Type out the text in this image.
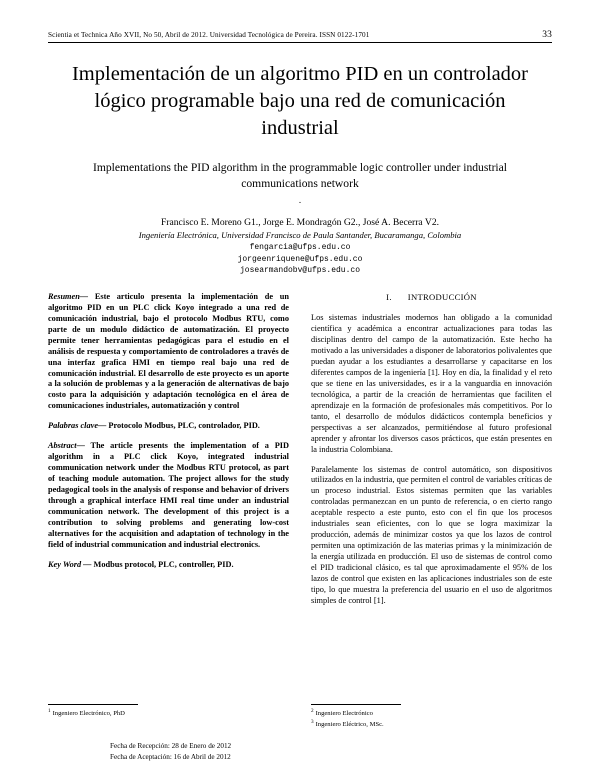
Scientia et Technica Año XVII, No 50, Abril de 2012. Universidad Tecnológica de Pereira. ISSN 0122-1701	33
Implementación de un algoritmo PID en un controlador lógico programable bajo una red de comunicación industrial
Implementations the PID algorithm in the programmable logic controller under industrial communications network
.
Francisco E. Moreno G1., Jorge E. Mondragón G2., José A. Becerra V2.
Ingeniería Electrónica, Universidad Francisco de Paula Santander, Bucaramanga, Colombia
fengarcia@ufps.edu.co
jorgeenriquene@ufps.edu.co
josearmandobv@ufps.edu.co

Resumen— Este articulo presenta la implementación de un algoritmo PID en un PLC click Koyo integrado a una red de comunicación industrial, bajo el protocolo Modbus RTU, como parte de un modulo didáctico de automatización. El proyecto permite tener herramientas pedagógicas para el estudio en el análisis de respuesta y comportamiento de controladores a través de una interfaz grafica HMI en tiempo real bajo una red de comunicación industrial. El desarrollo de este proyecto es un aporte a la solución de problemas y a la generación de alternativas de bajo costo para la adquisición y adaptación tecnológica en el área de comunicaciones industriales, automatización y control

Palabras clave— Protocolo Modbus, PLC, controlador, PID.

Abstract— The article presents the implementation of a PID algorithm in a PLC click Koyo, integrated industrial communication network under the Modbus RTU protocol, as part of teaching module automation. The project allows for the study pedagogical tools in the analysis of response and behavior of drivers through a graphical interface HMI real time under an industrial communication network. The development of this project is a contribution to solving problems and generating low-cost alternatives for the acquisition and adaptation of technology in the field of industrial communication and industrial electronics.

Key Word — Modbus protocol, PLC, controller, PID.

I. INTRODUCCIÓN

Los sistemas industriales modernos han obligado a la comunidad científica y académica a encontrar actualizaciones para todas las disciplinas dentro del campo de la automatización. Este hecho ha motivado a las universidades a disponer de laboratorios polivalentes que puedan ayudar a los estudiantes a desarrollarse y capacitarse en los diferentes campos de la ingeniería [1]. Hoy en día, la finalidad y el reto que se tiene en las universidades, es ir a la vanguardia en innovación tecnológica, a partir de la creación de herramientas que faciliten el aprendizaje en la formación de profesionales más competitivos. Por lo tanto, el desarrollo de módulos didácticos contempla beneficios y perspectivas a ser alcanzados, permitiéndose al futuro profesional aprender y afrontar los diversos casos prácticos, que están presentes en la industria Colombiana.

Paralelamente los sistemas de control automático, son dispositivos utilizados en la industria, que permiten el control de variables críticas de un proceso industrial. Estos sistemas permiten que las variables controladas permanezcan en un punto de referencia, o en cierto rango aceptable respecto a este punto, esto con el fin que los procesos industriales sean eficientes, con lo que se logra maximizar la producción, además de minimizar costos ya que los lazos de control permiten una optimización de las materias primas y la minimización de la energía utilizada en producción. El uso de sistemas de control como el PID tradicional clásico, es tal que aproximadamente el 95% de los lazos de control que existen en las aplicaciones industriales son de este tipo, lo que muestra la preferencia del usuario en el uso de algoritmos simples de control [1].

$^1$ Ingeniero Electrónico, PhD	$^2$ Ingeniero Electrónico
$^3$ Ingeniero Eléctrico, MSc.
Fecha de Recepción: 28 de Enero de 2012
Fecha de Aceptación: 16 de Abril de 2012
